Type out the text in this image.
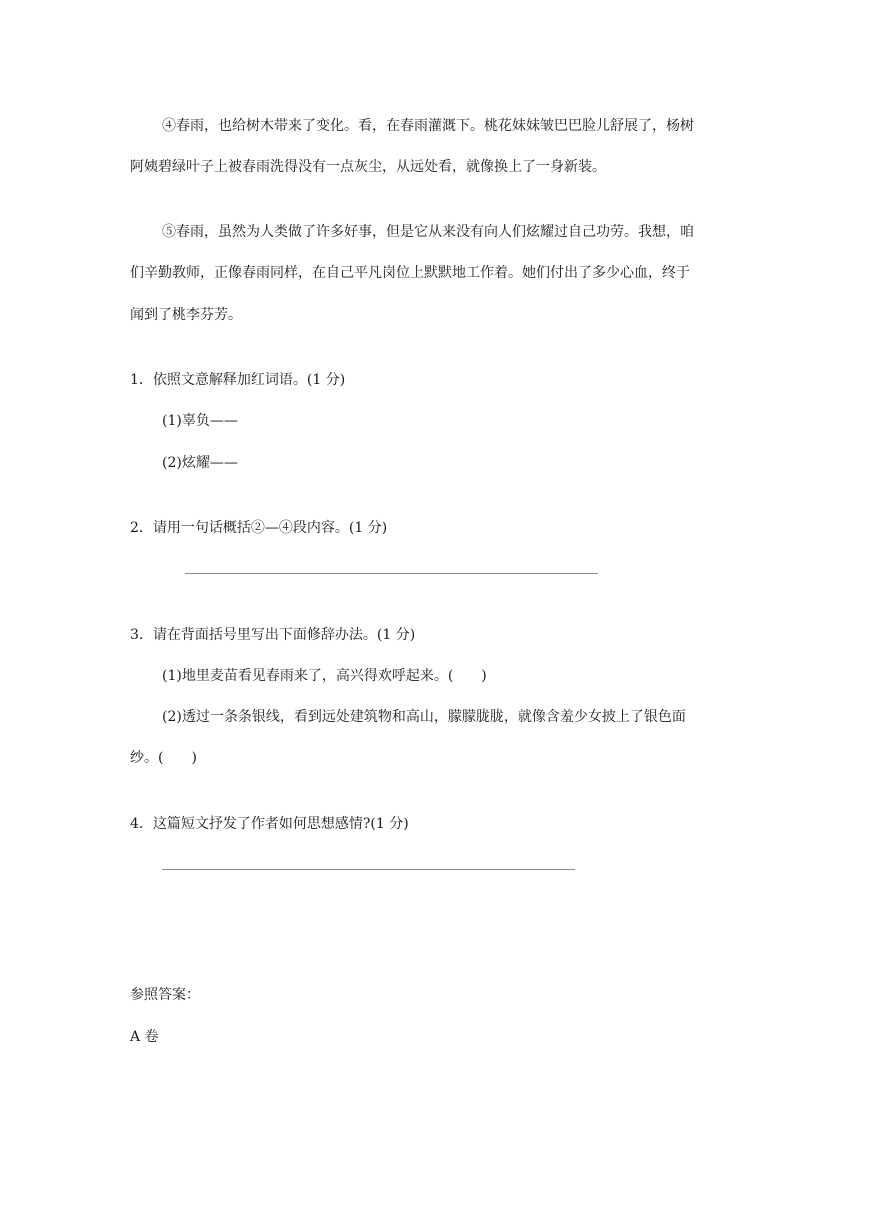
④春雨，也给树木带来了变化。看，在春雨灌溉下。桃花妹妹皱巴巴脸儿舒展了，杨树
阿姨碧绿叶子上被春雨洗得没有一点灰尘，从远处看，就像换上了一身新装。
⑤春雨，虽然为人类做了许多好事，但是它从来没有向人们炫耀过自己功劳。我想，咱
们辛勤教师，正像春雨同样，在自己平凡岗位上默默地工作着。她们付出了多少心血，终于
闻到了桃李芬芳。
1．依照文意解释加红词语。(1 分)
(1)辜负——
(2)炫耀——
2．请用一句话概括②—④段内容。(1 分)
3．请在背面括号里写出下面修辞办法。(1 分)
(1)地里麦苗看见春雨来了，高兴得欢呼起来。(　　)
(2)透过一条条银线，看到远处建筑物和高山，朦朦胧胧，就像含羞少女披上了银色面
纱。(　　)
4．这篇短文抒发了作者如何思想感情?(1 分)
参照答案：
A 卷
